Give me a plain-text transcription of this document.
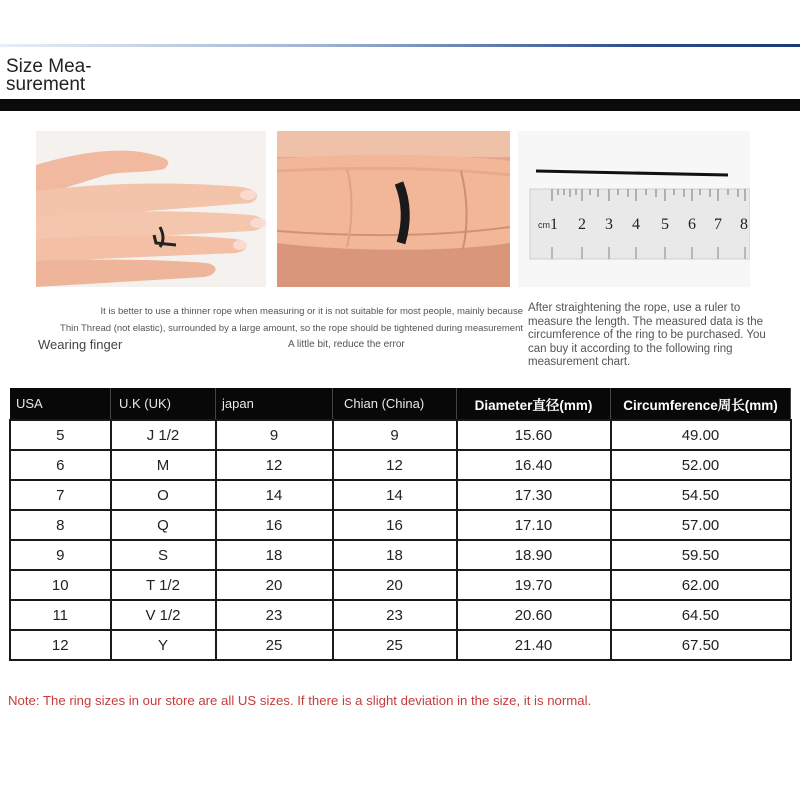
Size Mea-
surement
cm 1 2 3 4 5 6 7 8
It is better to use a thinner rope when measuring or it is not suitable for most people, mainly because
Thin Thread (not elastic), surrounded by a large amount, so the rope should be tightened during measurement
Wearing finger	A little bit, reduce the error
After straightening the rope, use a ruler to measure the length. The measured data is the circumference of the ring to be purchased. You can buy it according to the following ring measurement chart.
USA	U.K (UK)	japan	Chian (China)	Diameter直径(mm)	Circumference周长(mm)
5	J 1/2	9	9	15.60	49.00
6	M	12	12	16.40	52.00
7	O	14	14	17.30	54.50
8	Q	16	16	17.10	57.00
9	S	18	18	18.90	59.50
10	T 1/2	20	20	19.70	62.00
11	V 1/2	23	23	20.60	64.50
12	Y	25	25	21.40	67.50
Note: The ring sizes in our store are all US sizes. If there is a slight deviation in the size, it is normal.
